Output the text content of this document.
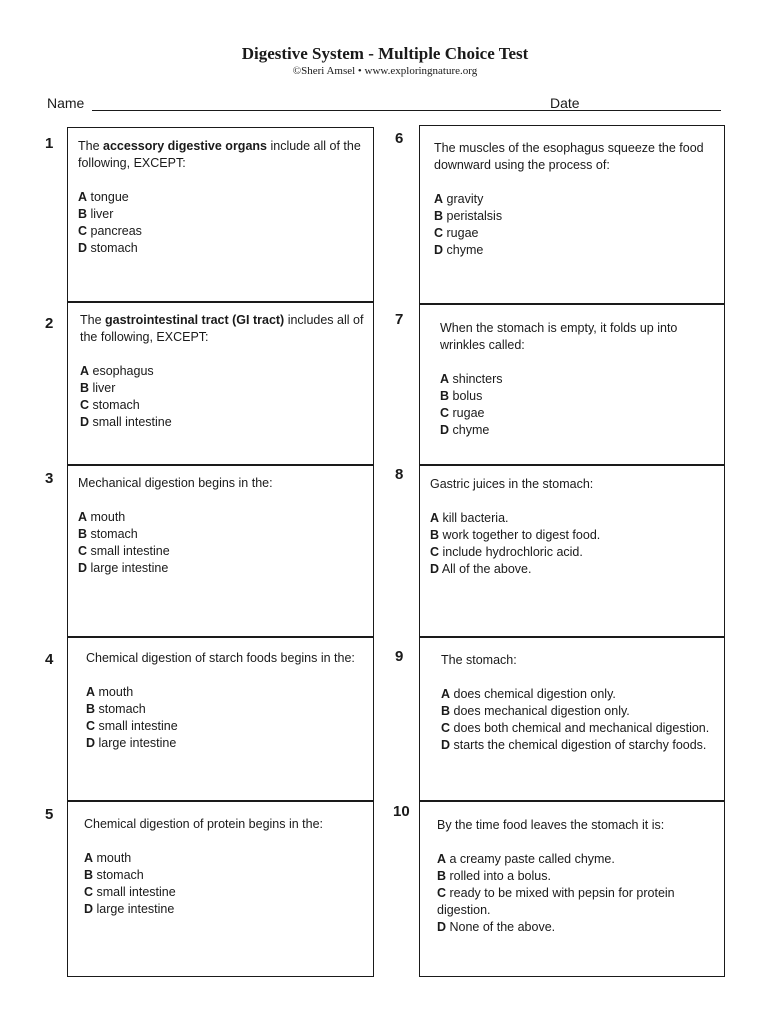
Digestive System - Multiple Choice Test
©Sheri Amsel • www.exploringnature.org
Name	Date
1 The accessory digestive organs include all of the following, EXCEPT:

A tongue

B liver

C pancreas

D stomach

2 The gastrointestinal tract (GI tract) includes all of the following, EXCEPT:

A esophagus

B liver

C stomach

D small intestine

3 Mechanical digestion begins in the:

A mouth

B stomach

C small intestine

D large intestine

4	Chemical digestion of starch foods begins in the:

A mouth

B stomach

C small intestine

D large intestine

5

Chemical digestion of protein begins in the:

A mouth

B stomach

C small intestine

D large intestine

6

The muscles of the esophagus squeeze the food downward using the process of:

A gravity

B peristalsis

C rugae

D chyme

7	When the stomach is empty, it folds up into wrinkles called:

A shincters

B bolus

C rugae

D chyme

8

Gastric juices in the stomach:

A kill bacteria.

B work together to digest food.

C include hydrochloric acid.

D All of the above.

9	The stomach:

A does chemical digestion only.

B does mechanical digestion only.

C does both chemical and mechanical digestion.

D starts the chemical digestion of starchy foods.

10

By the time food leaves the stomach it is:

A a creamy paste called chyme.

B rolled into a bolus.

C ready to be mixed with pepsin for protein digestion.

D None of the above.
